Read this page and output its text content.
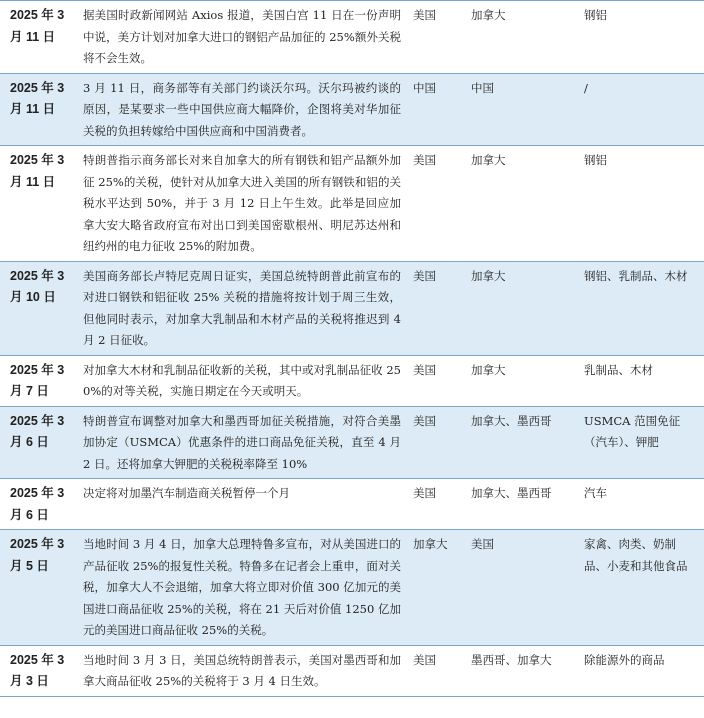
2025 年 3 月 11 日	据美国时政新闻网站 Axios 报道，美国白宫 11 日在一份声明中说，美方计划对加拿大进口的钢铝产品加征的 25%额外关税将不会生效。	美国	加拿大	钢铝
2025 年 3 月 11 日	3 月 11 日，商务部等有关部门约谈沃尔玛。沃尔玛被约谈的原因，是某要求一些中国供应商大幅降价，企图将美对华加征关税的负担转嫁给中国供应商和中国消费者。	中国	中国	/
2025 年 3 月 11 日	特朗普指示商务部长对来自加拿大的所有钢铁和铝产品额外加征 25%的关税，使针对从加拿大进入美国的所有钢铁和铝的关税水平达到 50%，并于 3 月 12 日上午生效。此举是回应加拿大安大略省政府宣布对出口到美国密歇根州、明尼苏达州和纽约州的电力征收 25%的附加费。	美国	加拿大	钢铝
2025 年 3 月 10 日	美国商务部长卢特尼克周日证实，美国总统特朗普此前宣布的对进口钢铁和铝征收 25% 关税的措施将按计划于周三生效，但他同时表示，对加拿大乳制品和木材产品的关税将推迟到 4 月 2 日征收。	美国	加拿大	钢铝、乳制品、木材
2025 年 3 月 7 日	对加拿大木材和乳制品征收新的关税，其中或对乳制品征收 250%的对等关税，实施日期定在今天或明天。	美国	加拿大	乳制品、木材
2025 年 3 月 6 日	特朗普宣布调整对加拿大和墨西哥加征关税措施，对符合美墨加协定（USMCA）优惠条件的进口商品免征关税，直至 4 月 2 日。还将加拿大钾肥的关税税率降至 10%	美国	加拿大、墨西哥	USMCA 范围免征（汽车）、钾肥
2025 年 3 月 6 日	决定将对加墨汽车制造商关税暂停一个月	美国	加拿大、墨西哥	汽车
2025 年 3 月 5 日	当地时间 3 月 4 日，加拿大总理特鲁多宣布，对从美国进口的产品征收 25%的报复性关税。特鲁多在记者会上重申，面对关税，加拿大人不会退缩，加拿大将立即对价值 300 亿加元的美国进口商品征收 25%的关税，将在 21 天后对价值 1250 亿加元的美国进口商品征收 25%的关税。	加拿大	美国	家禽、肉类、奶制品、小麦和其他食品
2025 年 3 月 3 日	当地时间 3 月 3 日，美国总统特朗普表示，美国对墨西哥和加拿大商品征收 25%的关税将于 3 月 4 日生效。	美国	墨西哥、加拿大	除能源外的商品
